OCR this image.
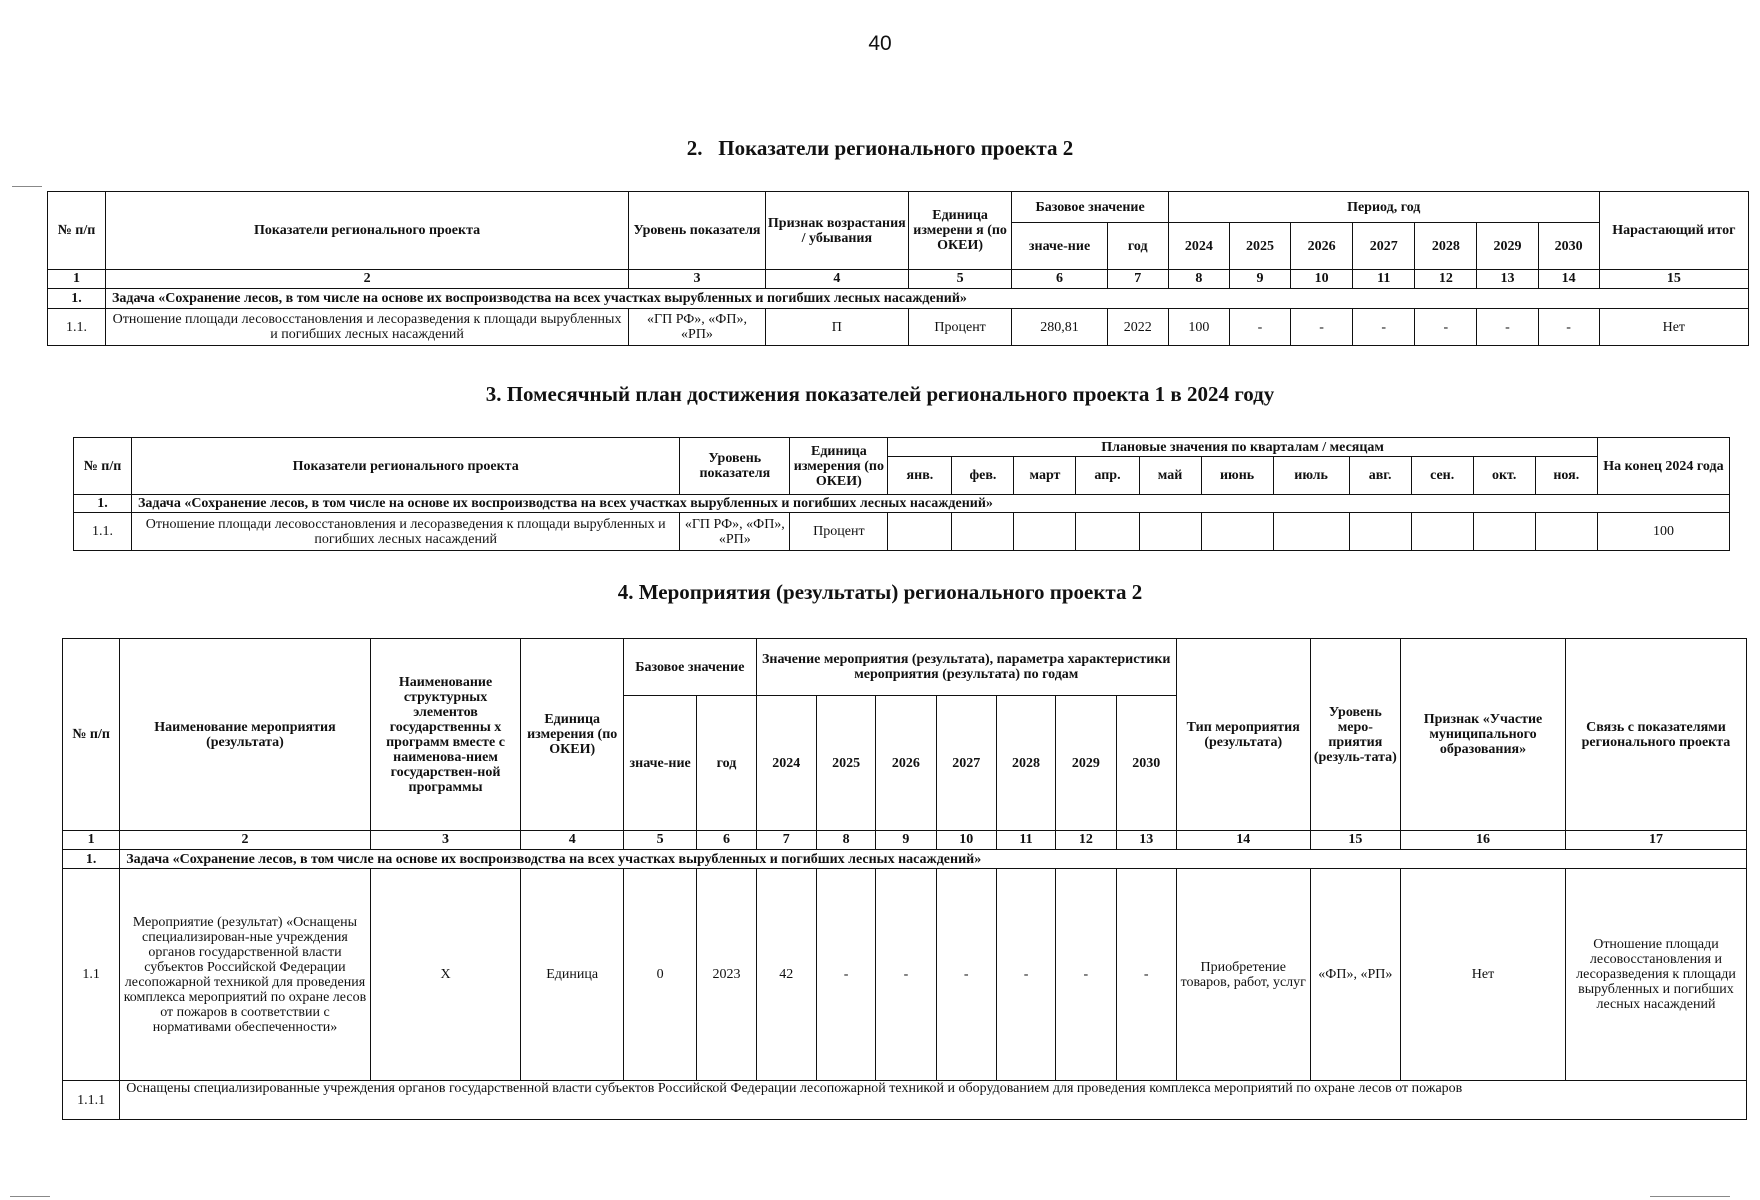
40
2.   Показатели регионального проекта 2
№ п/п	Показатели регионального проекта	Уровень показателя	Признак возрастания / убывания	Единица измерени я (по ОКЕИ)	Базовое значение		Период, год							Нарастающий итог
					значе-ние	год	2024	2025	2026	2027	2028	2029	2030	
1	2	3	4	5	6	7	8	9	10	11	12	13	14	15
1.	Задача «Сохранение лесов, в том числе на основе их воспроизводства на всех участках вырубленных и погибших лесных насаждений»													
1.1.	Отношение площади лесовосстановления и лесоразведения к площади вырубленных и погибших лесных насаждений	«ГП РФ», «ФП», «РП»	П	Процент	280,81	2022	100	-	-	-	-	-	-	Нет
3. Помесячный план достижения показателей регионального проекта 1 в 2024 году
№ п/п	Показатели регионального проекта	Уровень показателя	Единица измерения (по ОКЕИ)	Плановые значения по кварталам / месяцам											На конец 2024 года
				янв.	фев.	март	апр.	май	июнь	июль	авг.	сен.	окт.	ноя.	
1.	Задача «Сохранение лесов, в том числе на основе их воспроизводства на всех участках вырубленных и погибших лесных насаждений»														
1.1.	Отношение площади лесовосстановления и лесоразведения к площади вырубленных и погибших лесных насаждений	«ГП РФ», «ФП», «РП»	Процент												100
4. Мероприятия (результаты) регионального проекта 2
№ п/п	Наименование мероприятия (результата)	Наименование структурных элементов государственны х программ вместе с наименова-нием государствен-ной программы	Единица измерения (по ОКЕИ)	Базовое значение		Значение мероприятия (результата), параметра характеристики мероприятия (результата) по годам							Тип мероприятия (результата)	Уровень меро-приятия (резуль-тата)	Признак «Участие муниципального образования»	Связь с показателями регионального проекта
				значе-ние	год	2024	2025	2026	2027	2028	2029	2030				
1	2	3	4	5	6	7	8	9	10	11	12	13	14	15	16	17
1.	Задача «Сохранение лесов, в том числе на основе их воспроизводства на всех участках вырубленных и погибших лесных насаждений»															
1.1	Мероприятие (результат) «Оснащены специализирован-ные учреждения органов государственной власти субъектов Российской Федерации лесопожарной техникой для проведения комплекса мероприятий по охране лесов от пожаров в соответствии с нормативами обеспеченности»	Х	Единица	0	2023	42	-	-	-	-	-	-	Приобретение товаров, работ, услуг	«ФП», «РП»	Нет	Отношение площади лесовосстановления и лесоразведения к площади вырубленных и погибших лесных насаждений
1.1.1	Оснащены специализированные учреждения органов государственной власти субъектов Российской Федерации лесопожарной техникой и оборудованием для проведения комплекса мероприятий по охране лесов от пожаров															
